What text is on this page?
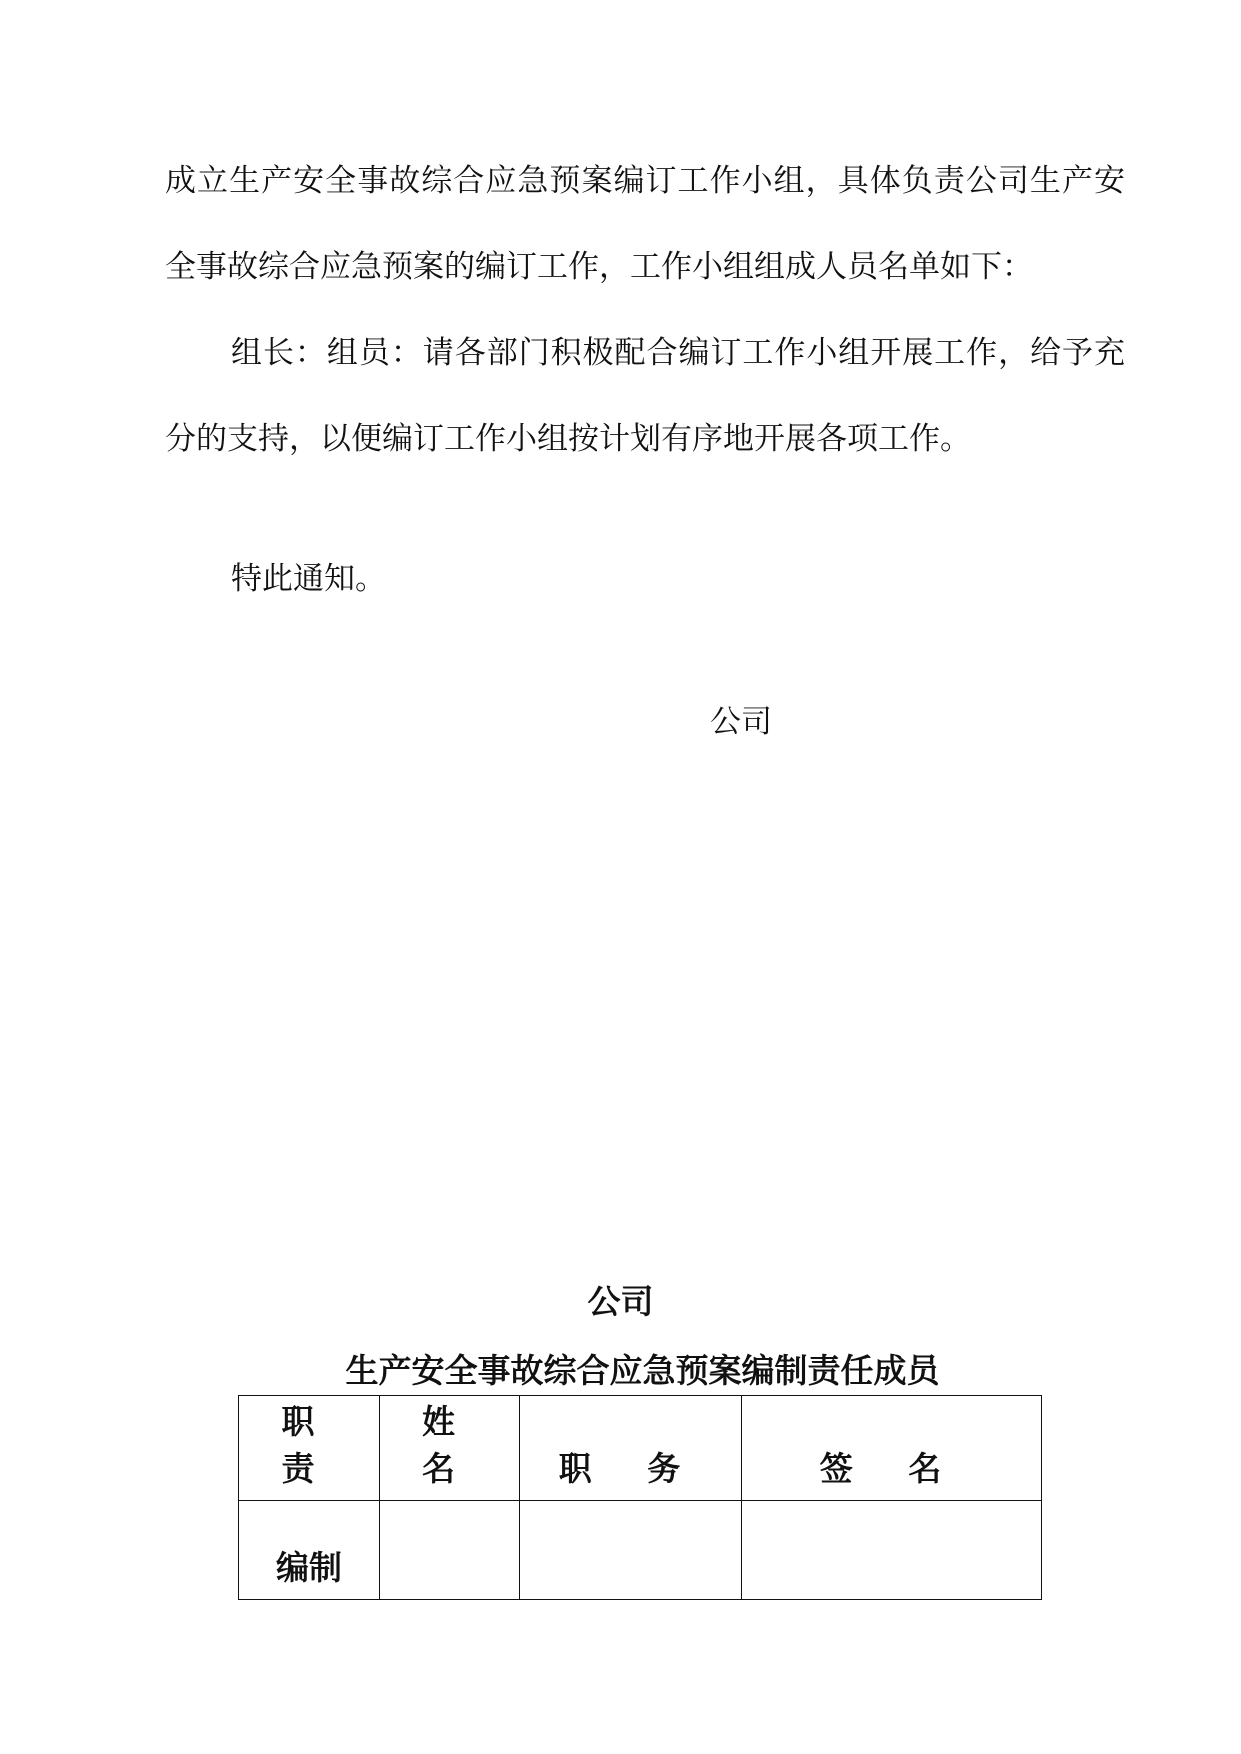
成立生产安全事故综合应急预案编订工作小组，具体负责公司生产安全事故综合应急预案的编订工作，工作小组组成人员名单如下：

组长：组员：请各部门积极配合编订工作小组开展工作，给予充分的支持，以便编订工作小组按计划有序地开展各项工作。

特此通知。
公司
公司
生产安全事故综合应急预案编制责任成员
职 责	姓 名	职 务	签 名
编制			
